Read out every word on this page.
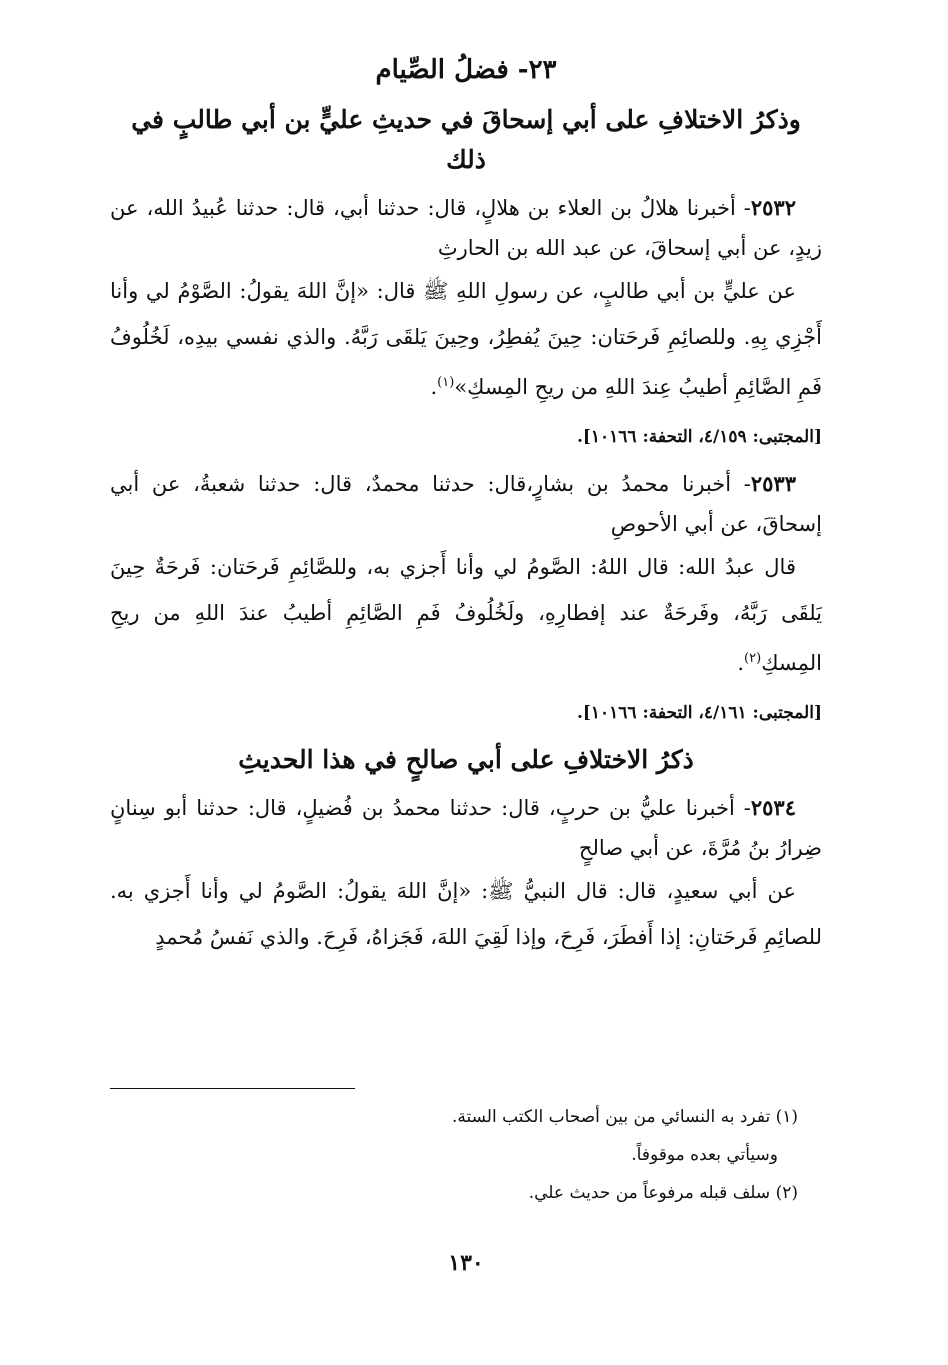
٢٣- فضلُ الصِّيام
وذكرُ الاختلافِ على أبي إسحاقَ في حديثِ عليٍّ بن أبي طالبٍ في ذلك

٢٥٣٢- أخبرنا هلالُ بن العلاء بن هلالٍ، قال: حدثنا أبي، قال: حدثنا عُبيدُ الله، عن زيدٍ، عن أبي إسحاقَ، عن عبد الله بن الحارثِ

عن عليٍّ بن أبي طالبٍ، عن رسولِ اللهِ ﷺ قال: «إنَّ اللهَ يقولُ: الصَّوْمُ لي وأنا أَجْزِي بِهِ. وللصائِمِ فَرحَتان: حِينَ يُفطِرُ، وحِينَ يَلقَى رَبَّهُ. والذي نفسي بيدِه، لَخُلُوفُ فَمِ الصَّائِمِ أطيبُ عِندَ اللهِ من ريحِ المِسكِ»$^{(١)}$.

[المجتبى: ٤/١٥٩، التحفة: ١٠١٦٦].

٢٥٣٣- أخبرنا محمدُ بن بشارٍ،قال: حدثنا محمدٌ، قال: حدثنا شعبةُ، عن أبي إسحاقَ، عن أبي الأحوصِ

قال عبدُ الله: قال اللهُ: الصَّومُ لي وأنا أَجزي به، وللصَّائِمِ فَرحَتان: فَرحَةٌ حِينَ يَلقَى رَبَّهُ، وفَرحَةٌ عند إفطارِهِ، ولَخُلُوفُ فَمِ الصَّائِمِ أطيبُ عندَ اللهِ من ريحِ المِسكِ$^{(٢)}$.

[المجتبى: ٤/١٦١، التحفة: ١٠١٦٦].
ذكرُ الاختلافِ على أبي صالحٍ في هذا الحديثِ

٢٥٣٤- أخبرنا عليُّ بن حربٍ، قال: حدثنا محمدُ بن فُضيلٍ، قال: حدثنا أبو سِنانٍ ضِرارُ بنُ مُرَّةَ، عن أبي صالحٍ

عن أبي سعيدٍ، قال: قال النبيُّ ﷺ: «إنَّ اللهَ يقولُ: الصَّومُ لي وأنا أَجزي به. للصائِمِ فَرحَتانِ: إذا أَفطَرَ، فَرِحَ، وإذا لَقِيَ اللهَ، فَجَزاهُ، فَرِحَ. والذي نَفسُ مُحمدٍ

(١) تفرد به النسائي من بين أصحاب الكتب الستة.

وسيأتي بعده موقوفاً.

(٢) سلف قبله مرفوعاً من حديث علي.

١٣٠
